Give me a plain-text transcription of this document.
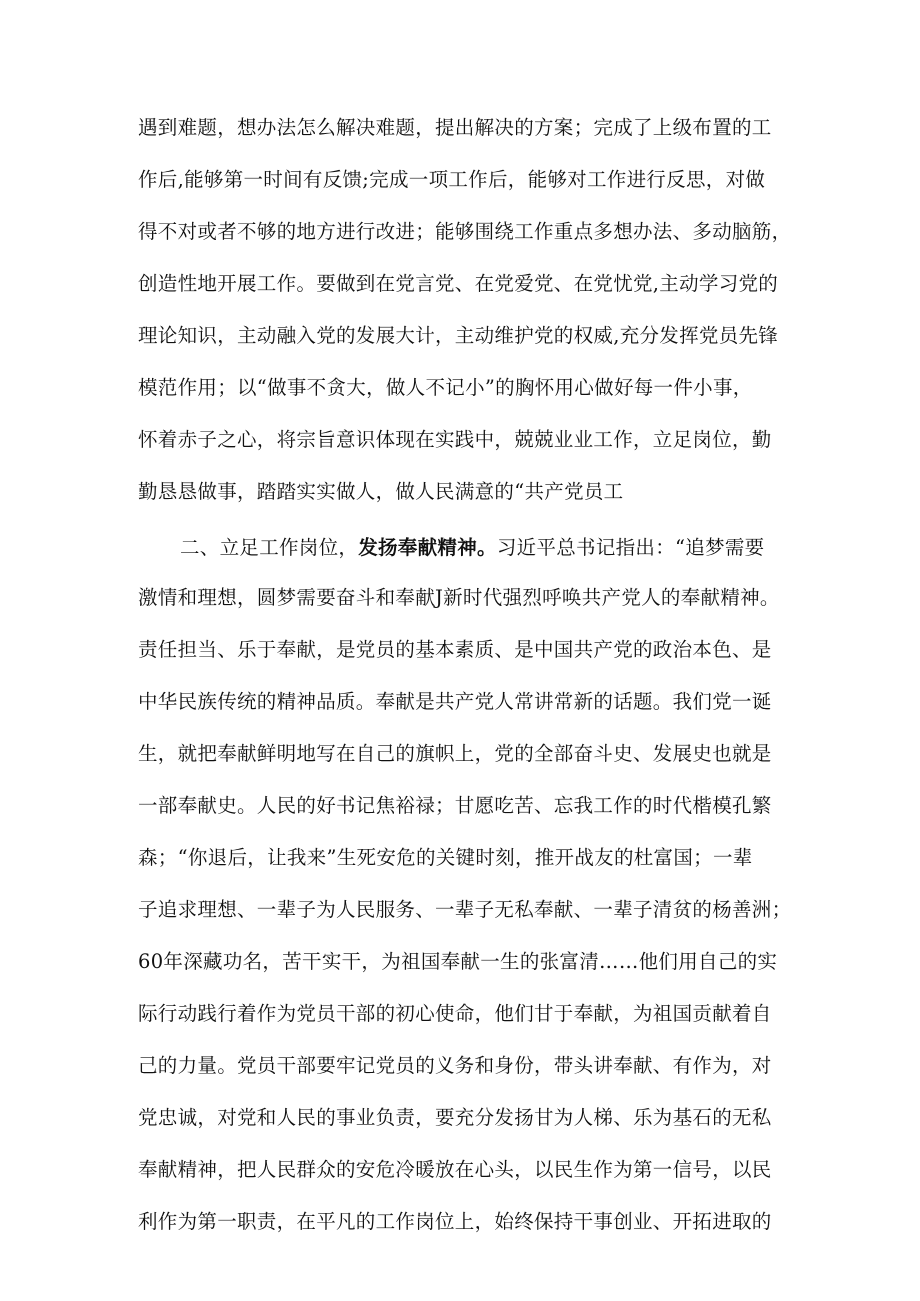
遇到难题，想办法怎么解决难题，提出解决的方案；完成了上级布置的工
作后,能够第一时间有反馈;完成一项工作后，能够对工作进行反思，对做
得不对或者不够的地方进行改进；能够围绕工作重点多想办法、多动脑筋，
创造性地开展工作。要做到在党言党、在党爱党、在党忧党,主动学习党的
理论知识，主动融入党的发展大计，主动维护党的权威,充分发挥党员先锋
模范作用；以“做事不贪大，做人不记小”的胸怀用心做好每一件小事，
怀着赤子之心，将宗旨意识体现在实践中，兢兢业业工作，立足岗位，勤
勤恳恳做事，踏踏实实做人，做人民满意的“共产党员工
二、立足工作岗位，发扬奉献精神。习近平总书记指出：“追梦需要
激情和理想，圆梦需要奋斗和奉献J新时代强烈呼唤共产党人的奉献精神。
责任担当、乐于奉献，是党员的基本素质、是中国共产党的政治本色、是
中华民族传统的精神品质。奉献是共产党人常讲常新的话题。我们党一诞
生，就把奉献鲜明地写在自己的旗帜上，党的全部奋斗史、发展史也就是
一部奉献史。人民的好书记焦裕禄；甘愿吃苦、忘我工作的时代楷模孔繁
森；“你退后，让我来”生死安危的关键时刻，推开战友的杜富国；一辈
子追求理想、一辈子为人民服务、一辈子无私奉献、一辈子清贫的杨善洲；
60年深藏功名，苦干实干，为祖国奉献一生的张富清……他们用自己的实
际行动践行着作为党员干部的初心使命，他们甘于奉献，为祖国贡献着自
己的力量。党员干部要牢记党员的义务和身份，带头讲奉献、有作为，对
党忠诚，对党和人民的事业负责，要充分发扬甘为人梯、乐为基石的无私
奉献精神，把人民群众的安危冷暖放在心头，以民生作为第一信号，以民
利作为第一职责，在平凡的工作岗位上，始终保持干事创业、开拓进取的
